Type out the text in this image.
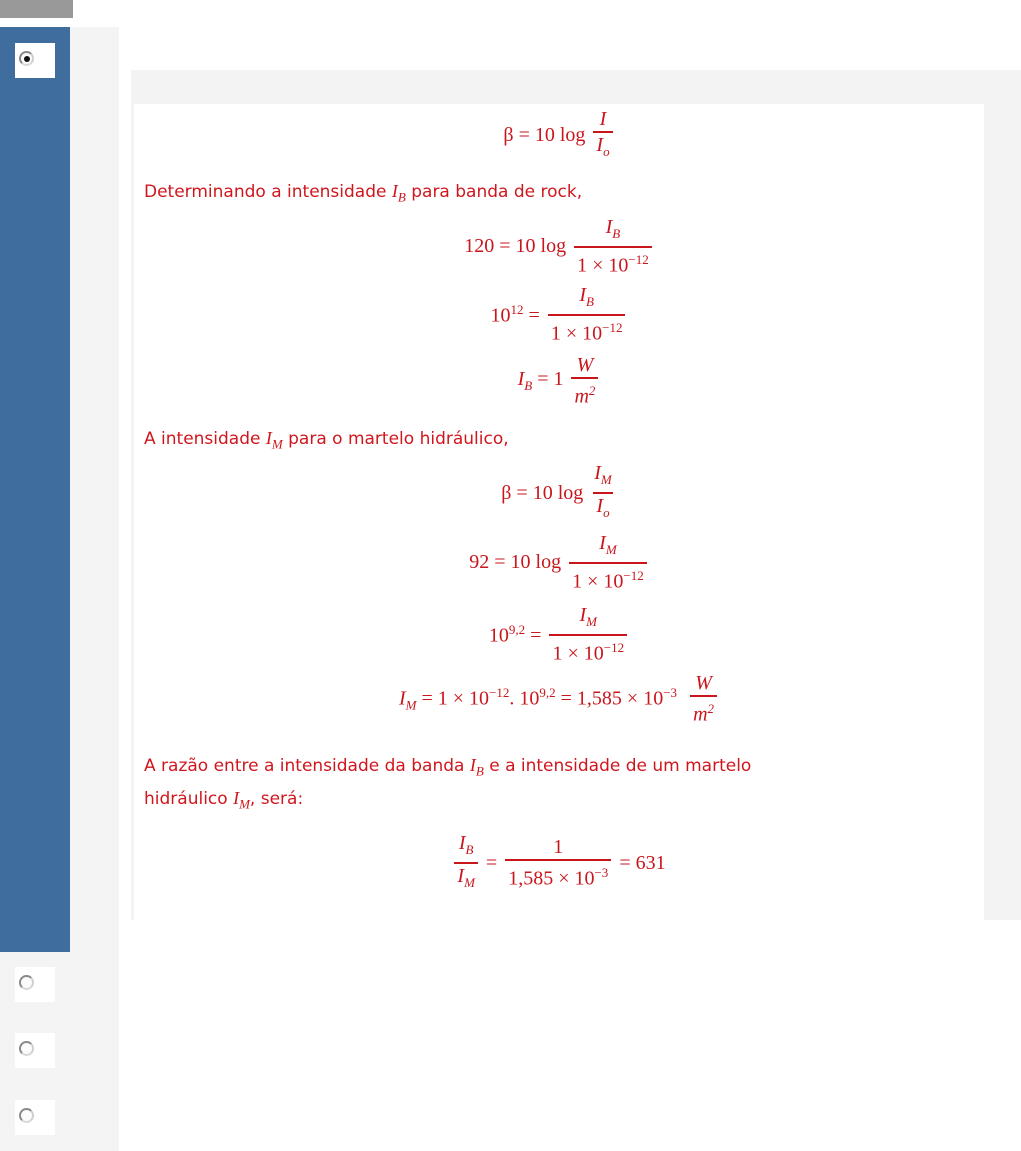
β = 10 $\log \frac{I}{I_o}$
Determinando a intensidade $I_B$ para banda de rock,
120 = 10 $\log \frac{I_B}{1 \times 10^{-12}}$
$10^{12} = \frac{I_B}{1 \times 10^{-12}}$
$I_B = 1 \frac{W}{m^2}$
A intensidade $I_M$ para o martelo hidráulico,
β = 10 $\log \frac{I_M}{I_o}$
92 = 10 $\log \frac{I_M}{1 \times 10^{-12}}$
$10^{9,2} = \frac{I_M}{1 \times 10^{-12}}$
$I_M = 1 \times 10^{-12}$. $10^{9,2} = 1,585 \times 10^{-3} \frac{W}{m^2}$
A razão entre a intensidade da banda $I_B$ e a intensidade de um martelo
hidráulico $I_M$, será:
$\frac{I_B}{I_M} = \frac{1}{1,585 \times 10^{-3}} = 631$
